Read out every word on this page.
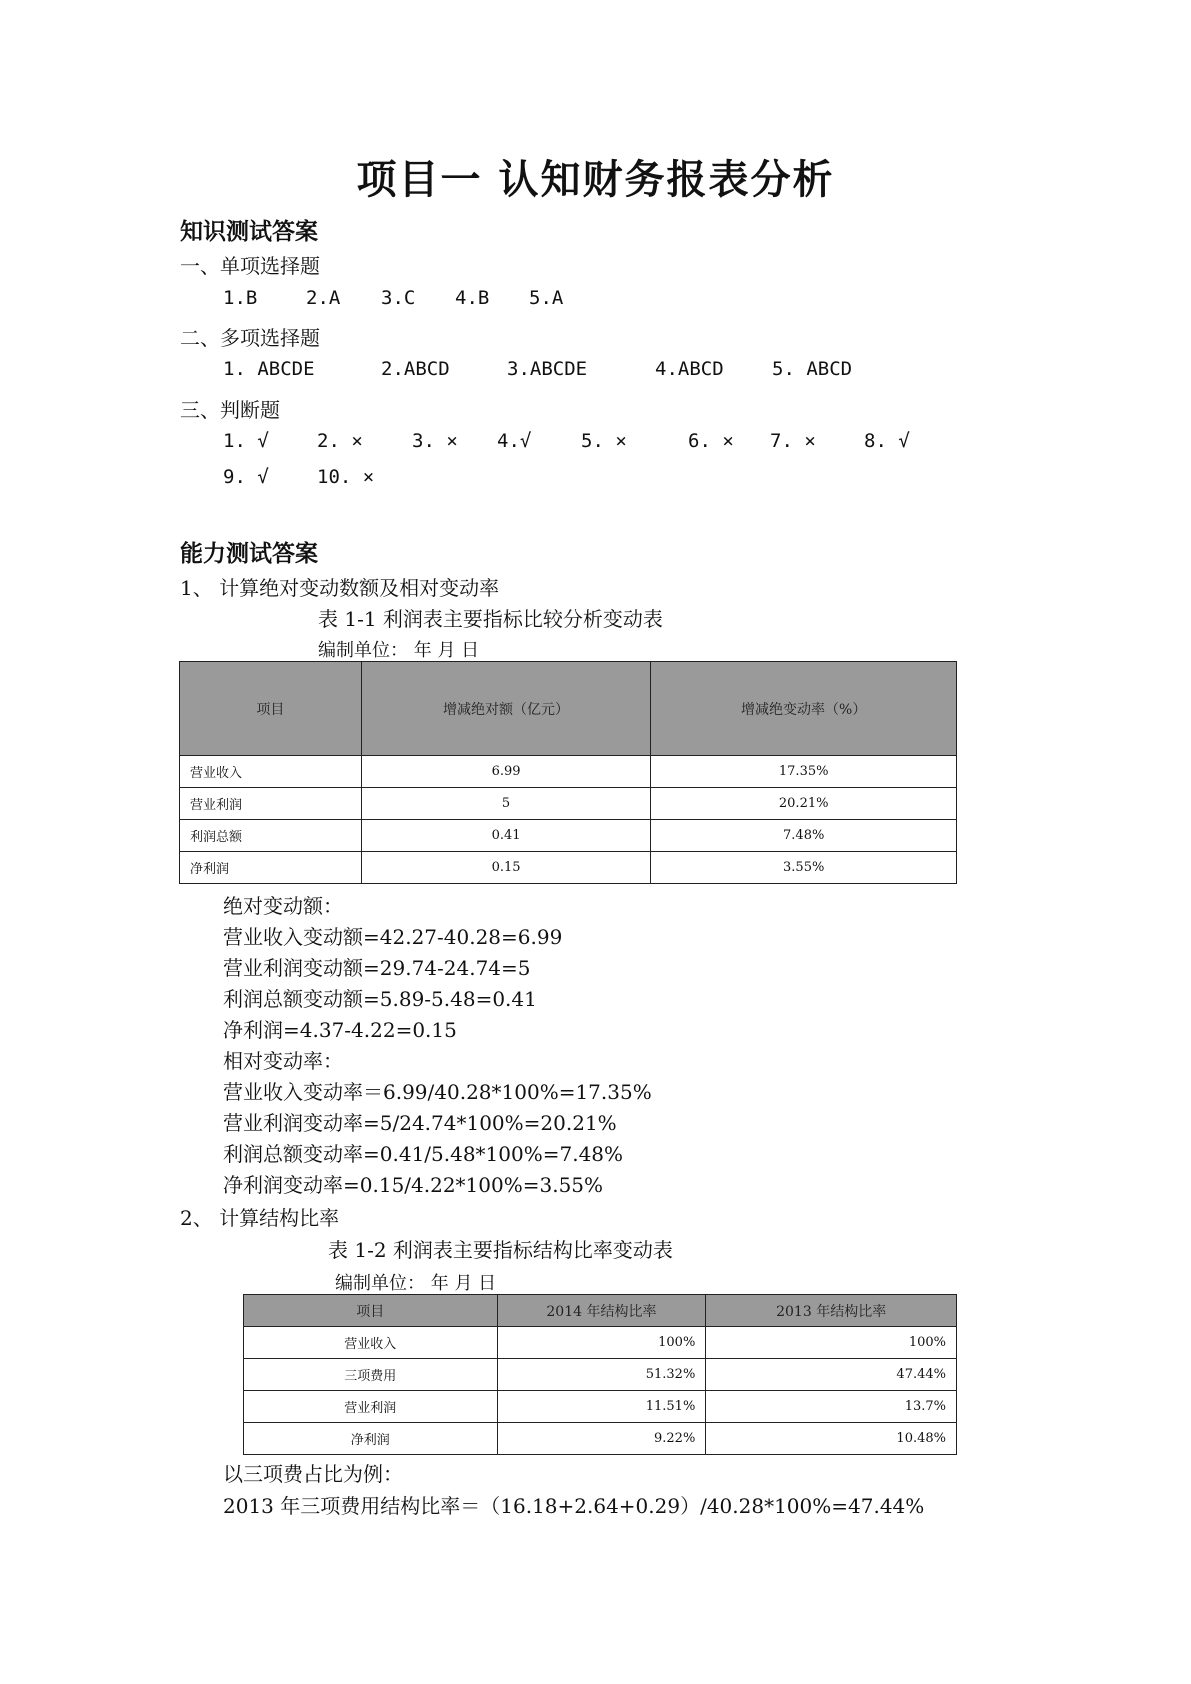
项目一 认知财务报表分析
知识测试答案
一、单项选择题
1.B	2.A 3.C 4.B 5.A
二、多项选择题
1. ABCDE	2.ABCD	3.ABCDE	4.ABCD	5. ABCD
三、判断题
1. √	2. ×	3. × 4.√	5. ×	6. × 7. ×	8. √
9. √	10. ×
能力测试答案
1、 计算绝对变动数额及相对变动率
表 1-1 利润表主要指标比较分析变动表
编制单位： 年 月 日
项目	增减绝对额（亿元）	增减绝变动率（%）
营业收入	6.99	17.35%
营业利润	5	20.21%
利润总额	0.41	7.48%
净利润	0.15	3.55%
绝对变动额：
营业收入变动额=42.27-40.28=6.99
营业利润变动额=29.74-24.74=5
利润总额变动额=5.89-5.48=0.41
净利润=4.37-4.22=0.15
相对变动率：
营业收入变动率＝6.99/40.28*100%=17.35%
营业利润变动率=5/24.74*100%=20.21%
利润总额变动率=0.41/5.48*100%=7.48%
净利润变动率=0.15/4.22*100%=3.55%
2、 计算结构比率
表 1-2 利润表主要指标结构比率变动表
编制单位： 年 月 日
项目	2014 年结构比率	2013 年结构比率
营业收入	100%	100%
三项费用	51.32%	47.44%
营业利润	11.51%	13.7%
净利润	9.22%	10.48%
以三项费占比为例：
2013 年三项费用结构比率＝（16.18+2.64+0.29）/40.28*100%=47.44%
